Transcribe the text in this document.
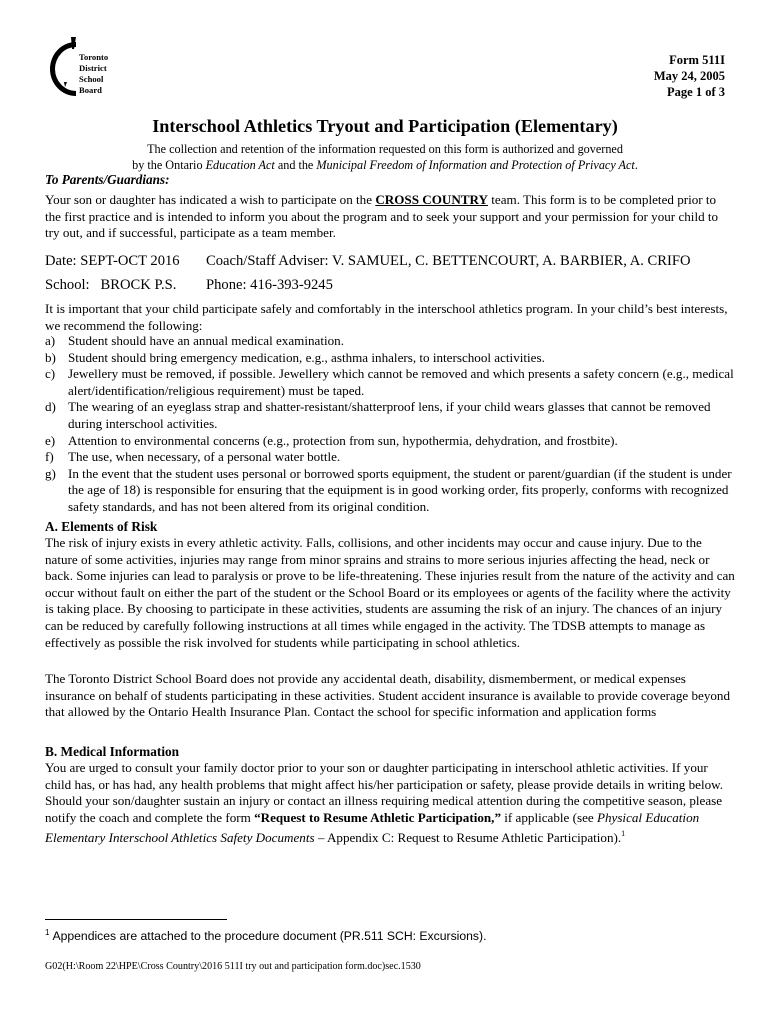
Toronto
District
School
Board
Form 511I
May 24, 2005
Page 1 of 3
Interschool Athletics Tryout and Participation (Elementary)
The collection and retention of the information requested on this form is authorized and governed
by the Ontario Education Act and the Municipal Freedom of Information and Protection of Privacy Act.
To Parents/Guardians:
Your son or daughter has indicated a wish to participate on the CROSS COUNTRY team. This form is to be completed prior to the first practice and is intended to inform you about the program and to seek your support and your permission for your child to try out, and if successful, participate as a team member.
Date: SEPT-OCT 2016 Coach/Staff Adviser: V. SAMUEL, C. BETTENCOURT, A. BARBIER, A. CRIFO
School:   BROCK P.S. Phone: 416-393-9245
It is important that your child participate safely and comfortably in the interschool athletics program. In your child’s best interests, we recommend the following:
a) Student should have an annual medical examination.
b) Student should bring emergency medication, e.g., asthma inhalers, to interschool activities.
c) Jewellery must be removed, if possible. Jewellery which cannot be removed and which presents a safety concern (e.g., medical alert/identification/religious requirement) must be taped.
d) The wearing of an eyeglass strap and shatter-resistant/shatterproof lens, if your child wears glasses that cannot be removed during interschool activities.
e) Attention to environmental concerns (e.g., protection from sun, hypothermia, dehydration, and frostbite).
f) The use, when necessary, of a personal water bottle.
g) In the event that the student uses personal or borrowed sports equipment, the student or parent/guardian (if the student is under the age of 18) is responsible for ensuring that the equipment is in good working order, fits properly, conforms with recognized safety standards, and has not been altered from its original condition.
A. Elements of Risk
The risk of injury exists in every athletic activity. Falls, collisions, and other incidents may occur and cause injury. Due to the nature of some activities, injuries may range from minor sprains and strains to more serious injuries affecting the head, neck or back. Some injuries can lead to paralysis or prove to be life-threatening. These injuries result from the nature of the activity and can occur without fault on either the part of the student or the School Board or its employees or agents of the facility where the activity is taking place. By choosing to participate in these activities, students are assuming the risk of an injury. The chances of an injury can be reduced by carefully following instructions at all times while engaged in the activity. The TDSB attempts to manage as effectively as possible the risk involved for students while participating in school athletics.
The Toronto District School Board does not provide any accidental death, disability, dismemberment, or medical expenses insurance on behalf of students participating in these activities. Student accident insurance is available to provide coverage beyond that allowed by the Ontario Health Insurance Plan. Contact the school for specific information and application forms
B. Medical Information
You are urged to consult your family doctor prior to your son or daughter participating in interschool athletic activities. If your child has, or has had, any health problems that might affect his/her participation or safety, please provide details in writing below. Should your son/daughter sustain an injury or contact an illness requiring medical attention during the competitive season, please notify the coach and complete the form “Request to Resume Athletic Participation,” if applicable (see Physical Education Elementary Interschool Athletics Safety Documents – Appendix C: Request to Resume Athletic Participation).$^1$
$^1$ Appendices are attached to the procedure document (PR.511 SCH: Excursions).
G02(H:\Room 22\HPE\Cross Country\2016 511I try out and participation form.doc)sec.1530
